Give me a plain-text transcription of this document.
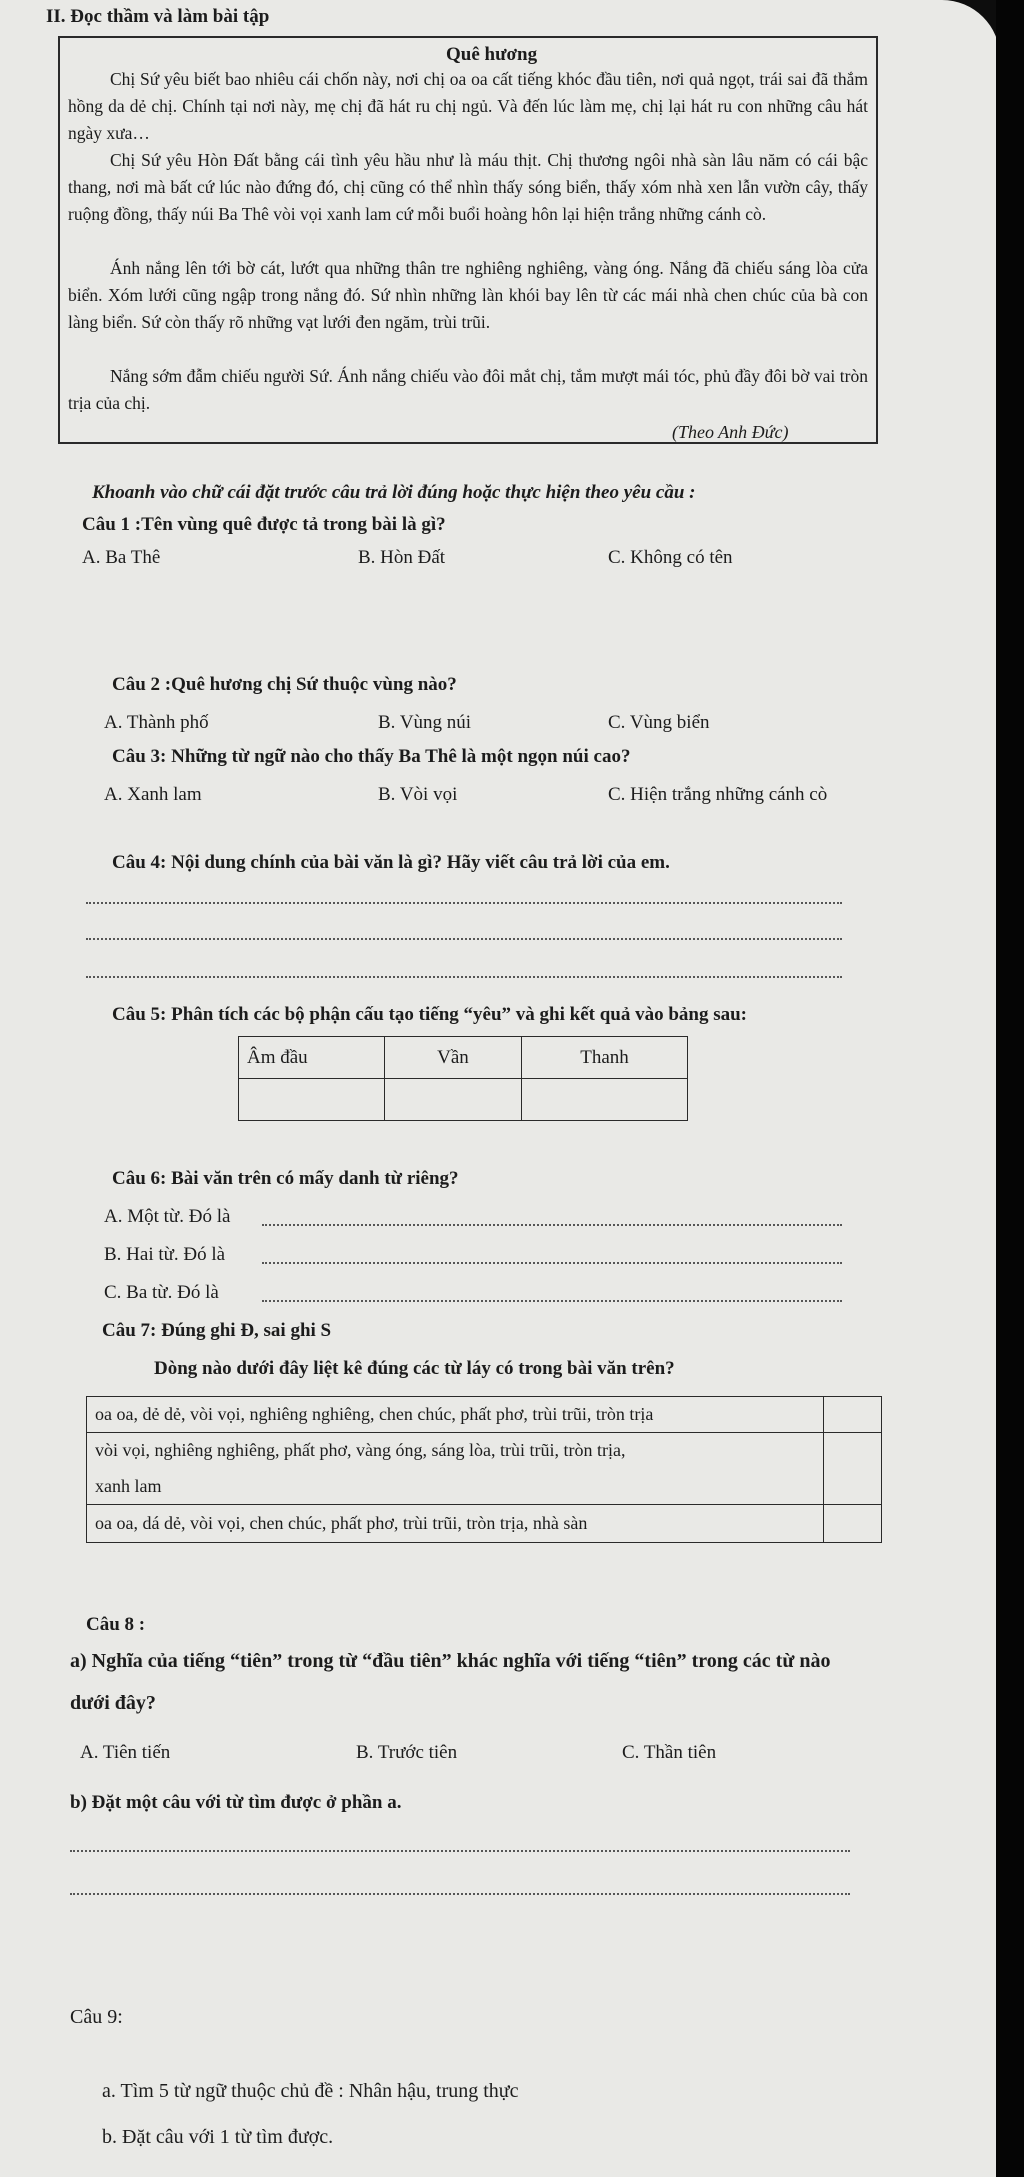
II. Đọc thầm và làm bài tập
Quê hương
Chị Sứ yêu biết bao nhiêu cái chốn này, nơi chị oa oa cất tiếng khóc đầu tiên, nơi quả ngọt, trái sai đã thắm hồng da dẻ chị. Chính tại nơi này, mẹ chị đã hát ru chị ngủ. Và đến lúc làm mẹ, chị lại hát ru con những câu hát ngày xưa…
Chị Sứ yêu Hòn Đất bằng cái tình yêu hầu như là máu thịt. Chị thương ngôi nhà sàn lâu năm có cái bậc thang, nơi mà bất cứ lúc nào đứng đó, chị cũng có thể nhìn thấy sóng biển, thấy xóm nhà xen lẫn vườn cây, thấy ruộng đồng, thấy núi Ba Thê vòi vọi xanh lam cứ mỗi buổi hoàng hôn lại hiện trắng những cánh cò.
Ánh nắng lên tới bờ cát, lướt qua những thân tre nghiêng nghiêng, vàng óng. Nắng đã chiếu sáng lòa cửa biển. Xóm lưới cũng ngập trong nắng đó. Sứ nhìn những làn khói bay lên từ các mái nhà chen chúc của bà con làng biển. Sứ còn thấy rõ những vạt lưới đen ngăm, trùi trũi.
Nắng sớm đẫm chiếu người Sứ. Ánh nắng chiếu vào đôi mắt chị, tắm mượt mái tóc, phủ đầy đôi bờ vai tròn trịa của chị.
(Theo Anh Đức)
Khoanh vào chữ cái đặt trước câu trả lời đúng hoặc thực hiện theo yêu cầu :
Câu 1 :Tên vùng quê được tả trong bài là gì?
A. Ba Thê	B. Hòn Đất	C. Không có tên
Câu 2 :Quê hương chị Sứ thuộc vùng nào?
A. Thành phố	B. Vùng núi	C. Vùng biển
Câu 3: Những từ ngữ nào cho thấy Ba Thê là một ngọn núi cao?
A. Xanh lam	B. Vòi vọi	C. Hiện trắng những cánh cò
Câu 4: Nội dung chính của bài văn là gì? Hãy viết câu trả lời của em.
Câu 5: Phân tích các bộ phận cấu tạo tiếng “yêu” và ghi kết quả vào bảng sau:
Âm đầu	Vần	Thanh

Câu 6: Bài văn trên có mấy danh từ riêng?
A. Một từ. Đó là
B. Hai từ. Đó là
C. Ba từ. Đó là
Câu 7: Đúng ghi Đ, sai ghi S
Dòng nào dưới đây liệt kê đúng các từ láy có trong bài văn trên?
oa oa, dẻ dẻ, vòi vọi, nghiêng nghiêng, chen chúc, phất phơ, trùi trũi, tròn trịa	
vòi vọi, nghiêng nghiêng, phất phơ, vàng óng, sáng lòa, trùi trũi, tròn trịa,	
xanh lam	
oa oa, dá dẻ, vòi vọi, chen chúc, phất phơ, trùi trũi, tròn trịa, nhà sàn	
Câu 8 :
a) Nghĩa của tiếng “tiên” trong từ “đầu tiên” khác nghĩa với tiếng “tiên” trong các từ nào
dưới đây?
A. Tiên tiến	B. Trước tiên	C. Thần tiên
b) Đặt một câu với từ tìm được ở phần a.
Câu 9:
a. Tìm 5 từ ngữ thuộc chủ đề : Nhân hậu, trung thực
b. Đặt câu với 1 từ tìm được.
